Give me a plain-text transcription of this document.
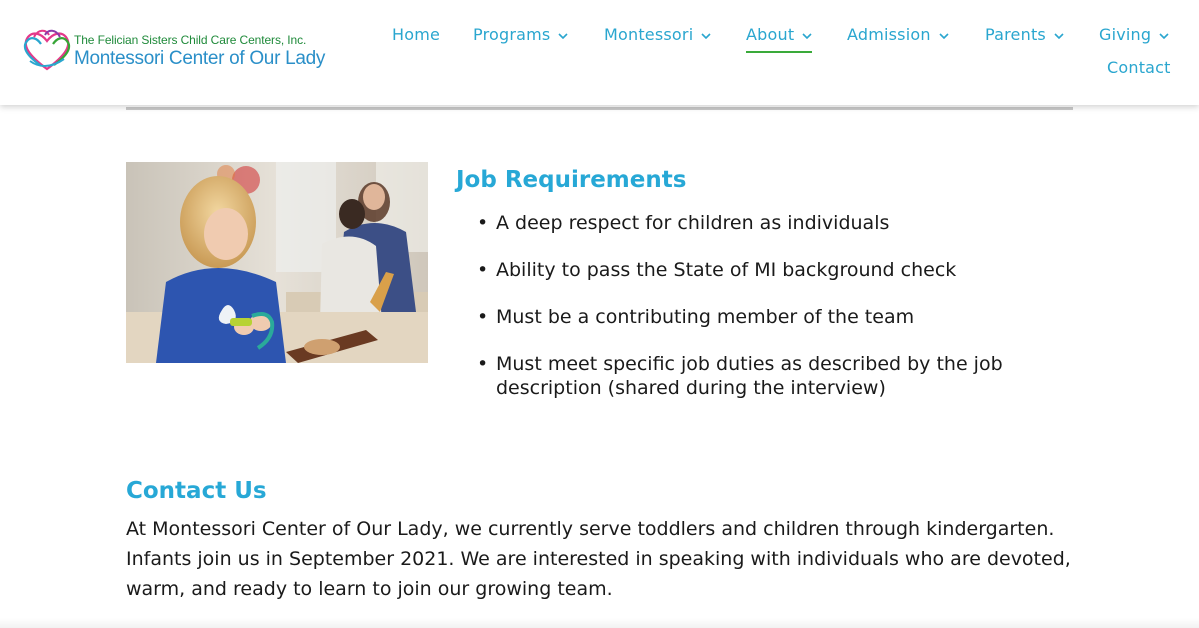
The Felician Sisters Child Care Centers, Inc.
Montessori Center of Our Lady
Home Programs	Montessori	About	Admission	Parents	Giving
Contact
Job Requirements
• A deep respect for children as individuals
• Ability to pass the State of MI background check
• Must be a contributing member of the team
• Must meet specific job duties as described by the job description (shared during the interview)
Contact Us
At Montessori Center of Our Lady, we currently serve toddlers and children through kindergarten. Infants join us in September 2021. We are interested in speaking with individuals who are devoted, warm, and ready to learn to join our growing team.
